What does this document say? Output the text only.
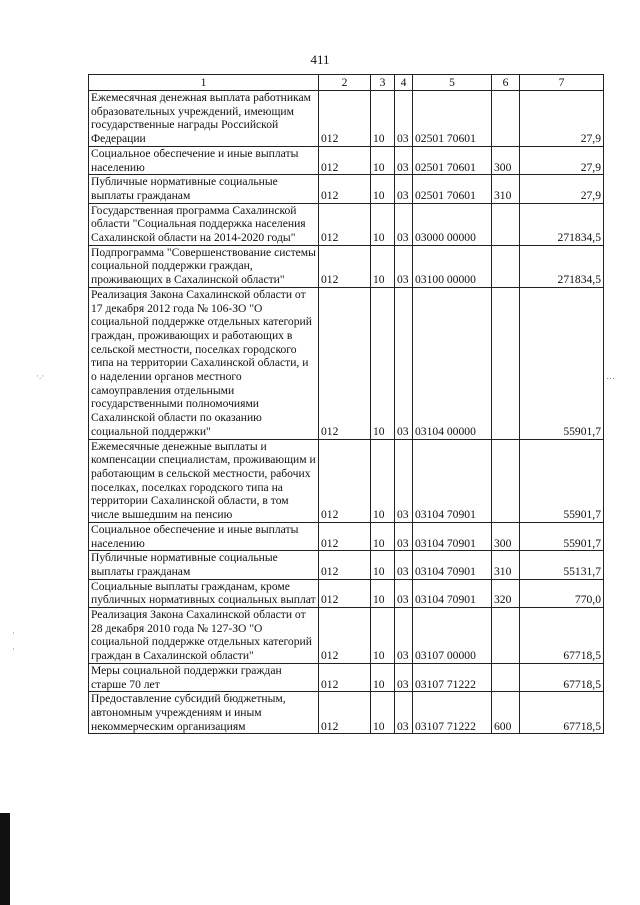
411
1	2	3	4	5	6	7
Ежемесячная денежная выплата работникам образовательных учреждений, имеющим государственные награды Российской Федерации	012	10	03	02501 70601		27,9
Социальное обеспечение и иные выплаты населению	012	10	03	02501 70601	300	27,9
Публичные нормативные социальные выплаты гражданам	012	10	03	02501 70601	310	27,9
Государственная программа Сахалинской области "Социальная поддержка населения Сахалинской области на 2014-2020 годы"	012	10	03	03000 00000		271834,5
Подпрограмма "Совершенствование системы социальной поддержки граждан, проживающих в Сахалинской области"	012	10	03	03100 00000		271834,5
Реализация Закона Сахалинской области от 17 декабря 2012 года № 106-ЗО "О социальной поддержке отдельных категорий граждан, проживающих и работающих в сельской местности, поселках городского типа на территории Сахалинской области, и о наделении органов местного самоуправления отдельными государственными полномочиями Сахалинской области по оказанию социальной поддержки"	012	10	03	03104 00000		55901,7
Ежемесячные денежные выплаты и компенсации специалистам, проживающим и работающим в сельской местности, рабочих поселках, поселках городского типа на территории Сахалинской области, в том числе вышедшим на пенсию	012	10	03	03104 70901		55901,7
Социальное обеспечение и иные выплаты населению	012	10	03	03104 70901	300	55901,7
Публичные нормативные социальные выплаты гражданам	012	10	03	03104 70901	310	55131,7
Социальные выплаты гражданам, кроме публичных нормативных социальных выплат	012	10	03	03104 70901	320	770,0
Реализация Закона Сахалинской области от 28 декабря 2010 года № 127-ЗО "О социальной поддержке отдельных категорий граждан в Сахалинской области"	012	10	03	03107 00000		67718,5
Меры социальной поддержки граждан старше 70 лет	012	10	03	03107 71222		67718,5
Предоставление субсидий бюджетным, автономным учреждениям и иным некоммерческим организациям	012	10	03	03107 71222	600	67718,5
·.·	…
·
·
